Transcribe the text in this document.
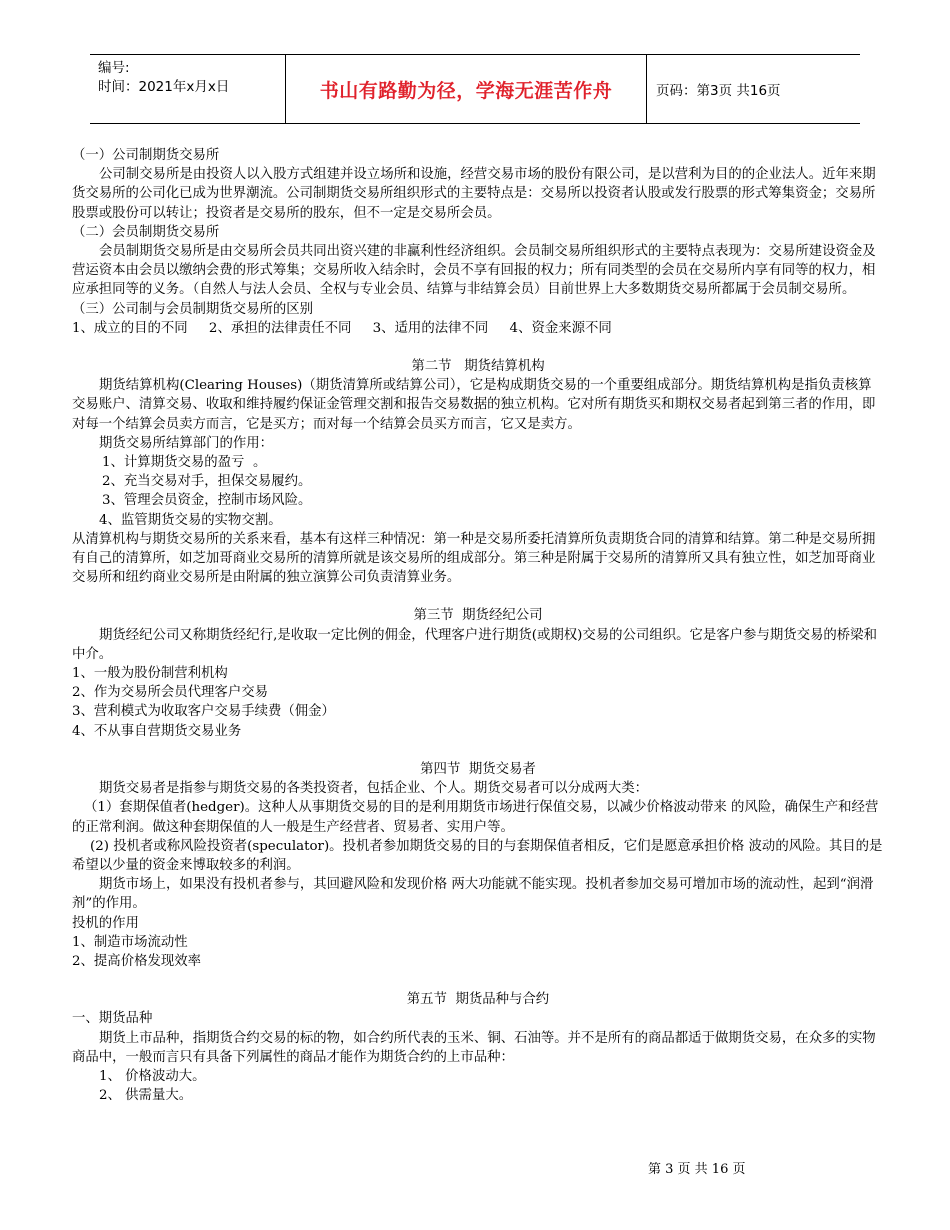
编号:
时间：2021年x月x日	书山有路勤为径，学海无涯苦作舟	页码：第3页 共16页

（一）公司制期货交易所

公司制交易所是由投资人以入股方式组建并设立场所和设施，经营交易市场的股份有限公司，是以营利为目的的企业法人。近年来期货交易所的公司化已成为世界潮流。公司制期货交易所组织形式的主要特点是：交易所以投资者认股或发行股票的形式筹集资金；交易所股票或股份可以转让；投资者是交易所的股东，但不一定是交易所会员。

（二）会员制期货交易所

会员制期货交易所是由交易所会员共同出资兴建的非赢利性经济组织。会员制交易所组织形式的主要特点表现为：交易所建设资金及营运资本由会员以缴纳会费的形式筹集；交易所收入结余时，会员不享有回报的权力；所有同类型的会员在交易所内享有同等的权力，相应承担同等的义务。（自然人与法人会员、全权与专业会员、结算与非结算会员）目前世界上大多数期货交易所都属于会员制交易所。

（三）公司制与会员制期货交易所的区别

1、成立的目的不同     2、承担的法律责任不同     3、适用的法律不同     4、资金来源不同

第二节   期货结算机构

期货结算机构(Clearing Houses)（期货清算所或结算公司），它是构成期货交易的一个重要组成部分。期货结算机构是指负责核算交易账户、清算交易、收取和维持履约保证金管理交割和报告交易数据的独立机构。它对所有期货买和期权交易者起到第三者的作用，即对每一个结算会员卖方而言，它是买方；而对每一个结算会员买方而言，它又是卖方。

期货交易所结算部门的作用：

1、计算期货交易的盈亏  。

2、充当交易对手，担保交易履约。

3、管理会员资金，控制市场风险。

4、监管期货交易的实物交割。

从清算机构与期货交易所的关系来看，基本有这样三种情况：第一种是交易所委托清算所负责期货合同的清算和结算。第二种是交易所拥有自己的清算所，如芝加哥商业交易所的清算所就是该交易所的组成部分。第三种是附属于交易所的清算所又具有独立性，如芝加哥商业交易所和纽约商业交易所是由附属的独立演算公司负责清算业务。

第三节  期货经纪公司

期货经纪公司又称期货经纪行,是收取一定比例的佣金，代理客户进行期货(或期权)交易的公司组织。它是客户参与期货交易的桥梁和中介。

1、一般为股份制营利机构

2、作为交易所会员代理客户交易

3、营利模式为收取客户交易手续费（佣金）

4、不从事自营期货交易业务

第四节  期货交易者

期货交易者是指参与期货交易的各类投资者，包括企业、个人。期货交易者可以分成两大类：

（1）套期保值者(hedger)。这种人从事期货交易的目的是利用期货市场进行保值交易，以减少价格波动带来 的风险，确保生产和经营的正常利润。做这种套期保值的人一般是生产经营者、贸易者、实用户等。

(2) 投机者或称风险投资者(speculator)。投机者参加期货交易的目的与套期保值者相反，它们是愿意承担价格 波动的风险。其目的是希望以少量的资金来博取较多的利润。

期货市场上，如果没有投机者参与，其回避风险和发现价格 两大功能就不能实现。投机者参加交易可增加市场的流动性，起到“润滑剂”的作用。

投机的作用

1、制造市场流动性

2、提高价格发现效率

第五节  期货品种与合约

一、期货品种

期货上市品种，指期货合约交易的标的物，如合约所代表的玉米、铜、石油等。并不是所有的商品都适于做期货交易，在众多的实物商品中，一般而言只有具备下列属性的商品才能作为期货合约的上市品种：

1、 价格波动大。

2、 供需量大。

第 3 页 共 16 页
